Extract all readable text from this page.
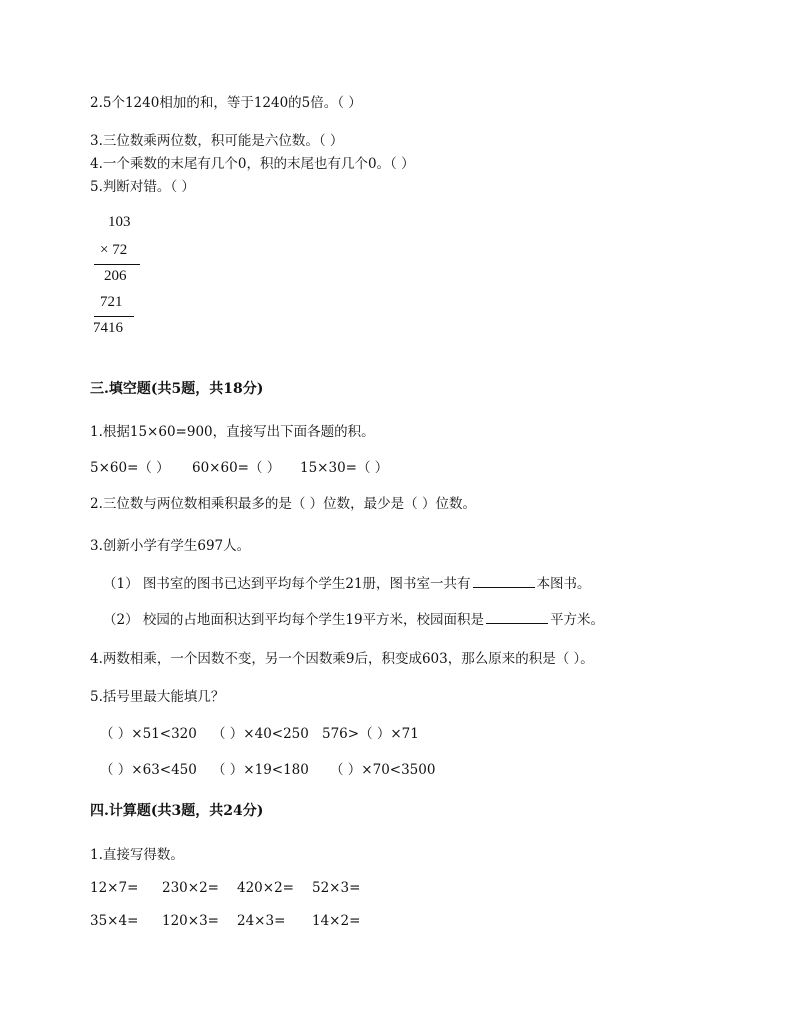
2.5个1240相加的和，等于1240的5倍。（ ）
3.三位数乘两位数，积可能是六位数。（ ）
4.一个乘数的末尾有几个0，积的末尾也有几个0。（ ）
5.判断对错。（ ）
103
× 72
206
721
7416
三.填空题(共5题，共18分)
1.根据15×60=900，直接写出下面各题的积。
5×60=（ ） 60×60=（ ） 15×30=（ ）
2.三位数与两位数相乘积最多的是（ ）位数，最少是（ ）位数。
3.创新小学有学生697人。
（1） 图书室的图书已达到平均每个学生21册，图书室一共有	本图书。
（2） 校园的占地面积达到平均每个学生19平方米，校园面积是	平方米。
4.两数相乘，一个因数不变，另一个因数乘9后，积变成603，那么原来的积是（ ）。
5.括号里最大能填几？
（ ）×51<320 （ ）×40<250 576>（ ）×71
（ ）×63<450 （ ）×19<180 （ ）×70<3500
四.计算题(共3题，共24分)
1.直接写得数。
12×7= 230×2= 420×2= 52×3=
35×4= 120×3= 24×3= 14×2=
